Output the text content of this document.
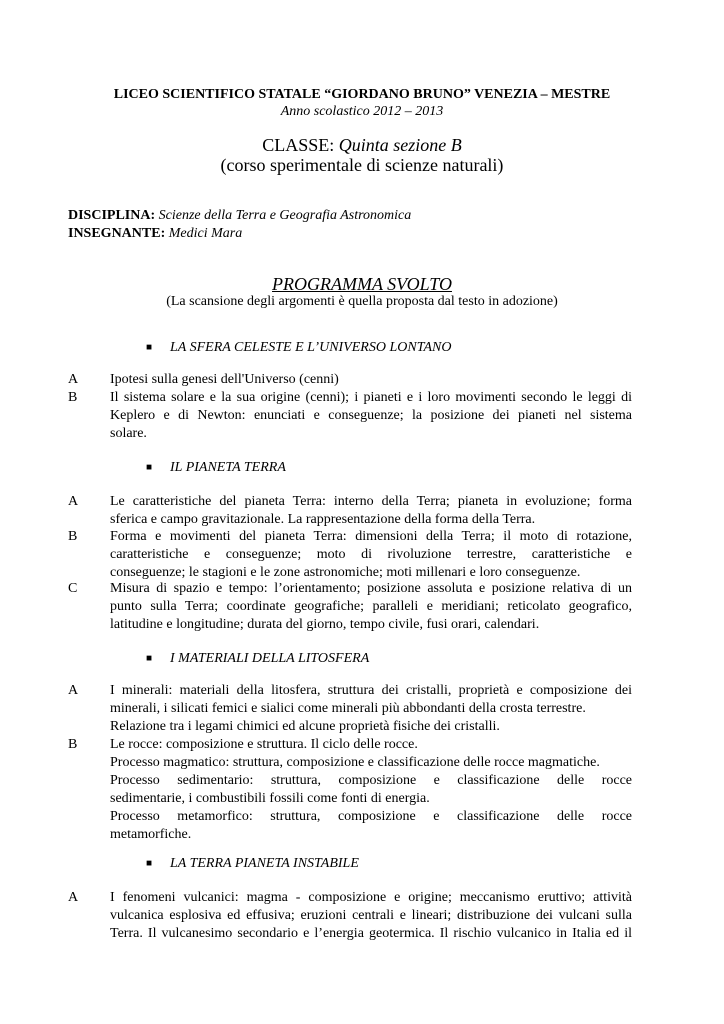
LICEO SCIENTIFICO STATALE “GIORDANO BRUNO” VENEZIA – MESTRE
Anno scolastico 2012 – 2013
CLASSE: Quinta sezione B
(corso sperimentale di scienze naturali)
DISCIPLINA: Scienze della Terra e Geografia Astronomica
INSEGNANTE: Medici Mara
PROGRAMMA SVOLTO
(La scansione degli argomenti è quella proposta dal testo in adozione)
■ LA SFERA CELESTE E L’UNIVERSO LONTANO
A Ipotesi sulla genesi dell'Universo (cenni)
B Il sistema solare e la sua origine (cenni); i pianeti e i loro movimenti secondo le leggi di
Keplero e di Newton: enunciati e conseguenze; la posizione dei pianeti nel sistema
solare.
■ IL PIANETA TERRA
A Le caratteristiche del pianeta Terra: interno della Terra; pianeta in evoluzione; forma
sferica e campo gravitazionale. La rappresentazione della forma della Terra.
B Forma e movimenti del pianeta Terra: dimensioni della Terra; il moto di rotazione,
caratteristiche e conseguenze; moto di rivoluzione terrestre, caratteristiche e
conseguenze; le stagioni e le zone astronomiche; moti millenari e loro conseguenze.
C Misura di spazio e tempo: l’orientamento; posizione assoluta e posizione relativa di un
punto sulla Terra; coordinate geografiche; paralleli e meridiani; reticolato geografico,
latitudine e longitudine; durata del giorno, tempo civile, fusi orari, calendari.
■ I MATERIALI DELLA LITOSFERA
A I minerali: materiali della litosfera, struttura dei cristalli, proprietà e composizione dei
minerali, i silicati femici e sialici come minerali più abbondanti della crosta terrestre.
Relazione tra i legami chimici ed alcune proprietà fisiche dei cristalli.
B Le rocce: composizione e struttura. Il ciclo delle rocce.
Processo magmatico: struttura, composizione e classificazione delle rocce magmatiche.
Processo sedimentario: struttura, composizione e classificazione delle rocce
sedimentarie, i combustibili fossili come fonti di energia.
Processo metamorfico: struttura, composizione e classificazione delle rocce
metamorfiche.
■ LA TERRA PIANETA INSTABILE
A I fenomeni vulcanici: magma - composizione e origine; meccanismo eruttivo; attività
vulcanica esplosiva ed effusiva; eruzioni centrali e lineari; distribuzione dei vulcani sulla
Terra. Il vulcanesimo secondario e l’energia geotermica. Il rischio vulcanico in Italia ed il
